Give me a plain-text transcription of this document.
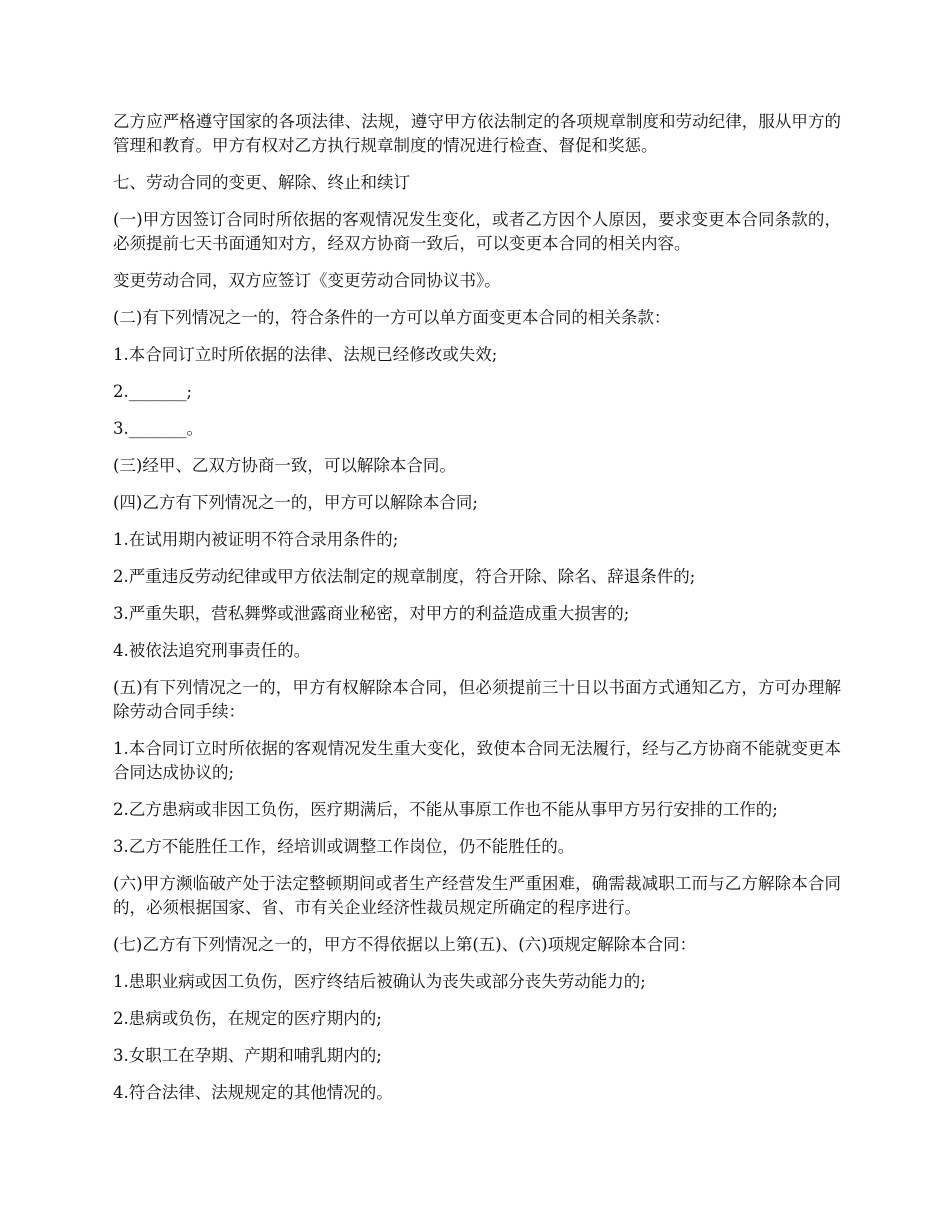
乙方应严格遵守国家的各项法律、法规，遵守甲方依法制定的各项规章制度和劳动纪律，服从甲方的管理和教育。甲方有权对乙方执行规章制度的情况进行检查、督促和奖惩。

七、劳动合同的变更、解除、终止和续订

(一)甲方因签订合同时所依据的客观情况发生变化，或者乙方因个人原因，要求变更本合同条款的，必须提前七天书面通知对方，经双方协商一致后，可以变更本合同的相关内容。

变更劳动合同，双方应签订《变更劳动合同协议书》。

(二)有下列情况之一的，符合条件的一方可以单方面变更本合同的相关条款：

1.本合同订立时所依据的法律、法规已经修改或失效;

2._______;

3._______。

(三)经甲、乙双方协商一致，可以解除本合同。

(四)乙方有下列情况之一的，甲方可以解除本合同;

1.在试用期内被证明不符合录用条件的;

2.严重违反劳动纪律或甲方依法制定的规章制度，符合开除、除名、辞退条件的;

3.严重失职，营私舞弊或泄露商业秘密，对甲方的利益造成重大损害的;

4.被依法追究刑事责任的。

(五)有下列情况之一的，甲方有权解除本合同，但必须提前三十日以书面方式通知乙方，方可办理解除劳动合同手续：

1.本合同订立时所依据的客观情况发生重大变化，致使本合同无法履行，经与乙方协商不能就变更本合同达成协议的;

2.乙方患病或非因工负伤，医疗期满后，不能从事原工作也不能从事甲方另行安排的工作的;

3.乙方不能胜任工作，经培训或调整工作岗位，仍不能胜任的。

(六)甲方濒临破产处于法定整顿期间或者生产经营发生严重困难，确需裁减职工而与乙方解除本合同的，必须根据国家、省、市有关企业经济性裁员规定所确定的程序进行。

(七)乙方有下列情况之一的，甲方不得依据以上第(五)、(六)项规定解除本合同：

1.患职业病或因工负伤，医疗终结后被确认为丧失或部分丧失劳动能力的;

2.患病或负伤，在规定的医疗期内的;

3.女职工在孕期、产期和哺乳期内的;

4.符合法律、法规规定的其他情况的。
